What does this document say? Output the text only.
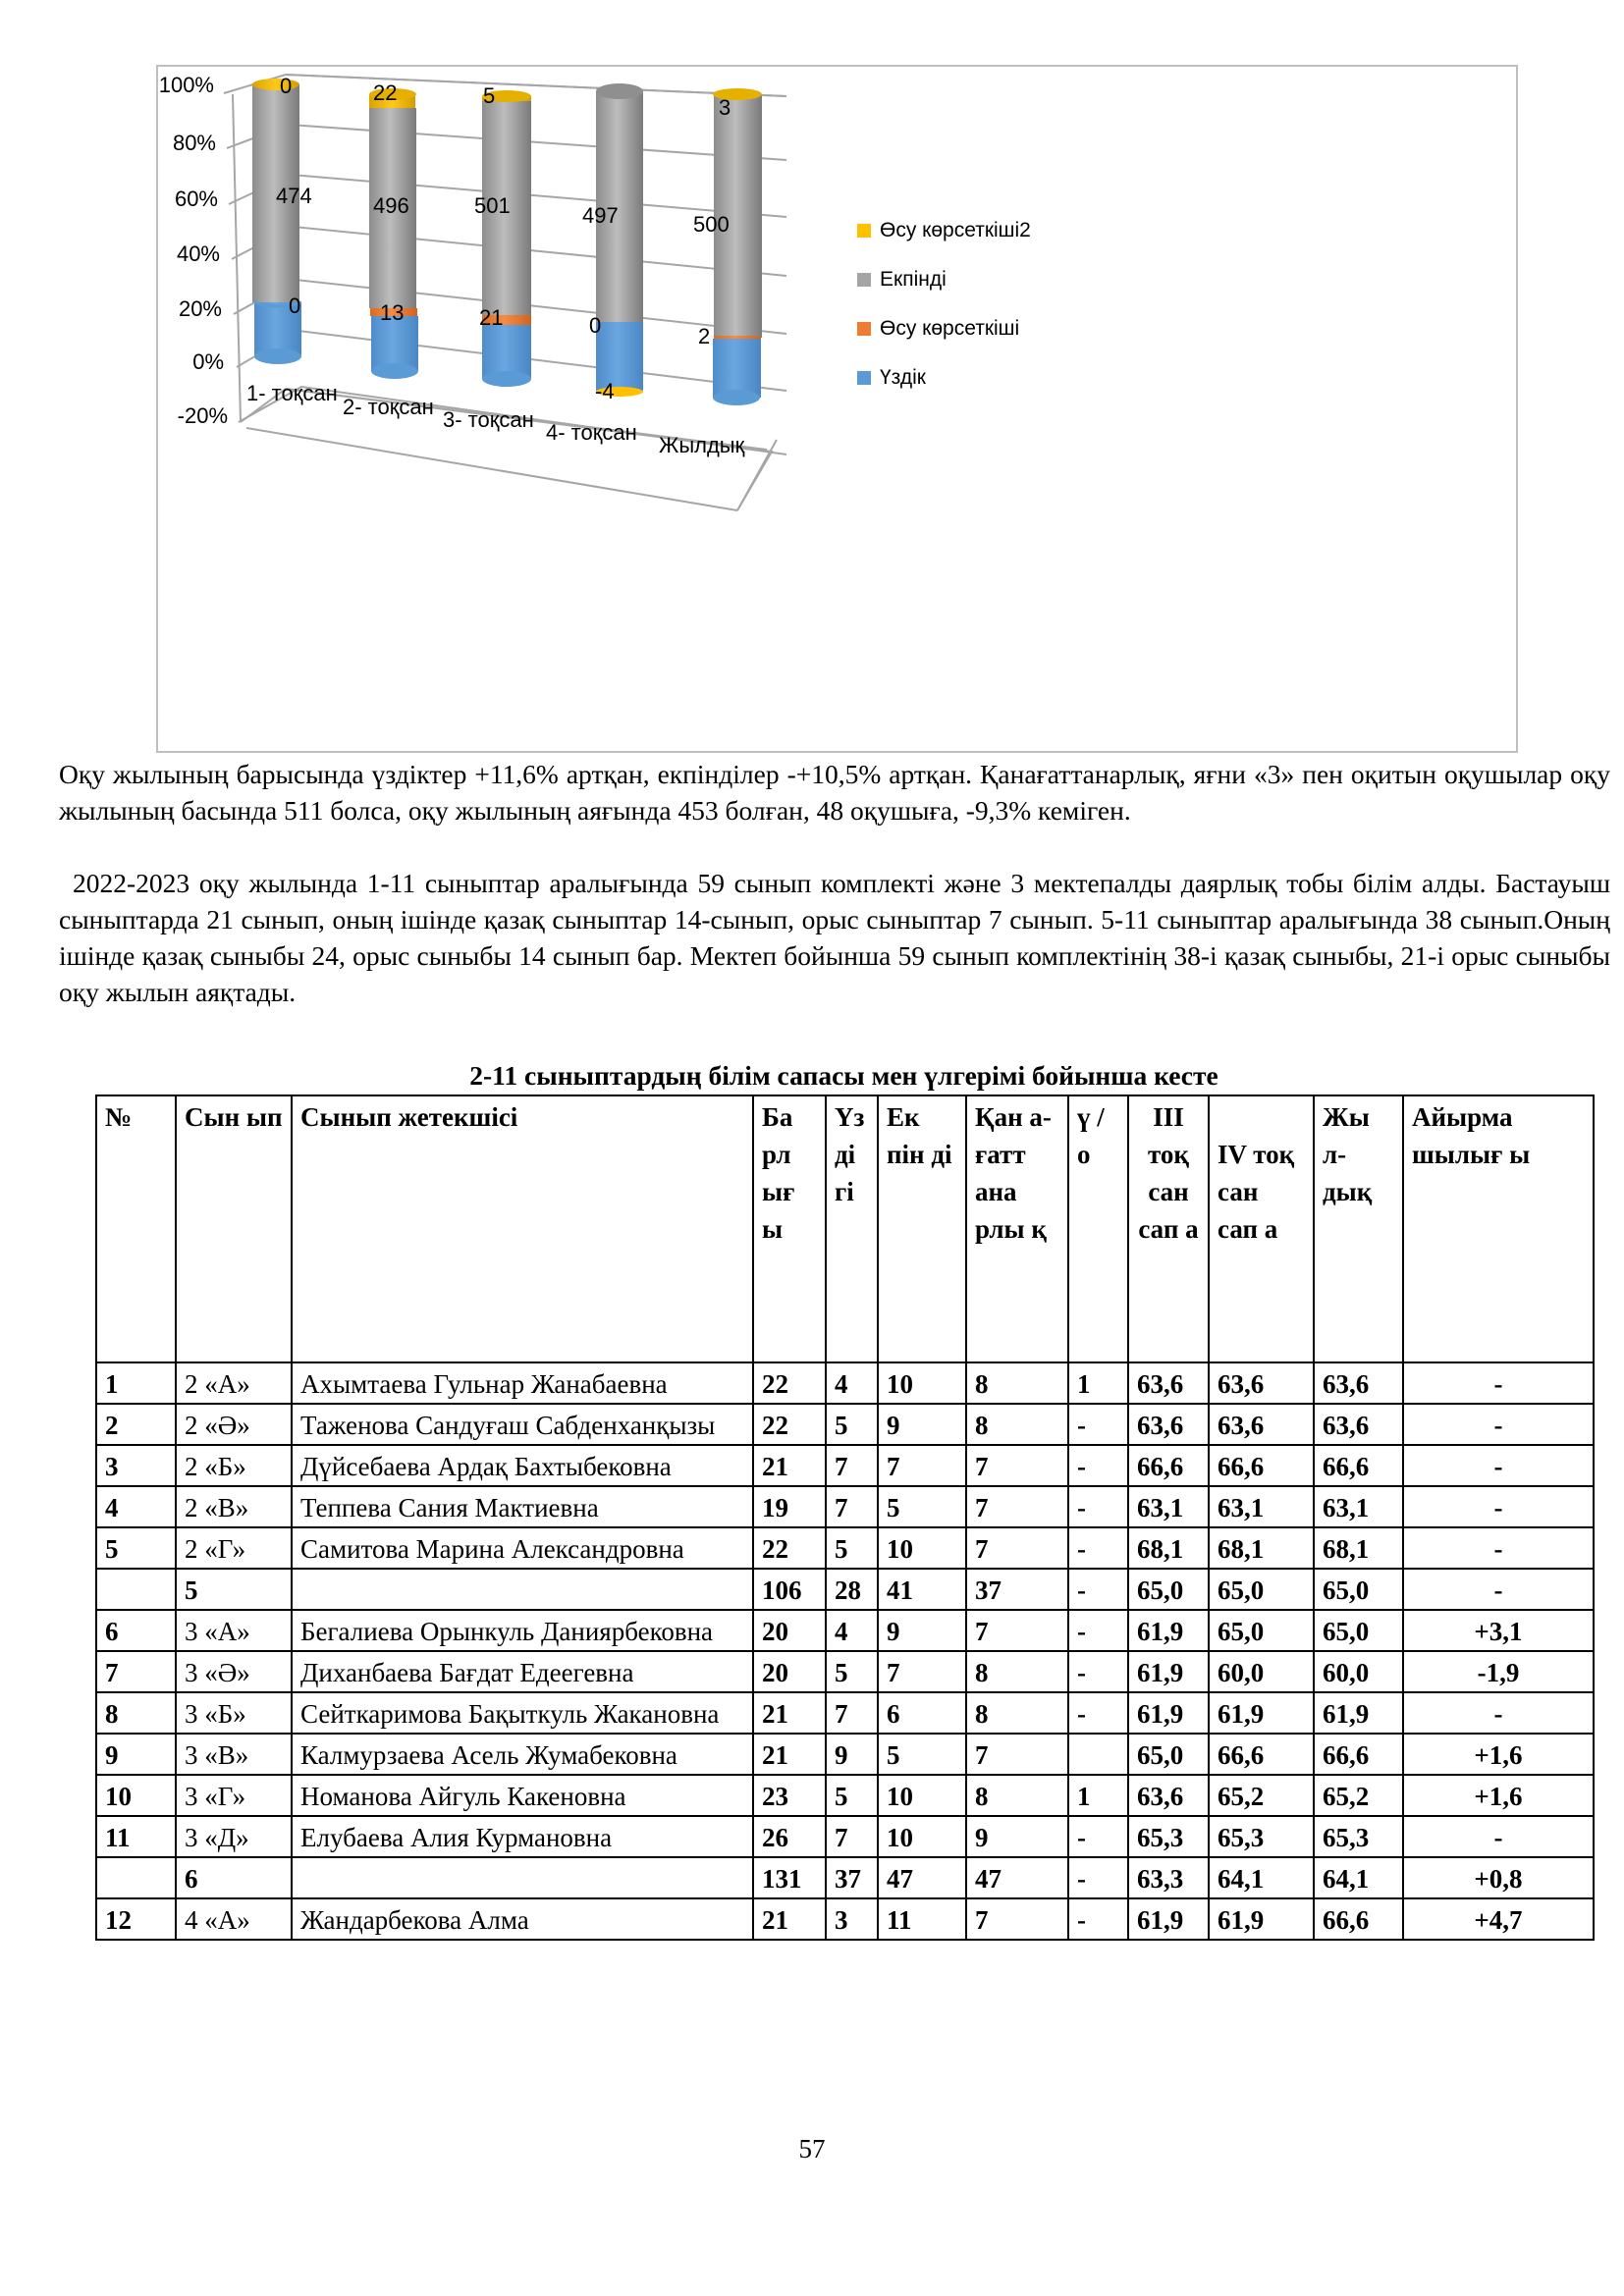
100%
80%
60%
40%
20%
0%
-20%
0	22	5
-4
3
474	496	501	497	500
0	13	21	0	2
1- тоқсан
2- тоқсан
3- тоқсан
4- тоқсан
Жылдық
Өсу көрсеткіші2
Екпінді
Өсу көрсеткіші
Үздік

Оқу жылының барысында үздіктер +11,6% артқан, екпінділер -+10,5% артқан. Қанағаттанарлық, яғни «3» пен оқитын оқушылар оқу жылының басында 511 болса, оқу жылының аяғында 453 болған, 48 оқушыға, -9,3% кеміген.

2022-2023 оқу жылында 1-11 сыныптар аралығында 59 сынып комплекті және 3 мектепалды даярлық тобы білім алды. Бастауыш сыныптарда 21 сынып, оның ішінде қазақ сыныптар 14-сынып, орыс сыныптар 7 сынып. 5-11 сыныптар аралығында 38 сынып.Оның ішінде қазақ сыныбы 24, орыс сыныбы 14 сынып бар. Мектеп бойынша 59 сынып комплектінің 38-і қазақ сыныбы, 21-і орыс сыныбы оқу жылын аяқтады.

2-11 сыныптардың білім сапасы мен үлгерімі бойынша кесте
№	Сын ып	Сынып жетекшісі	Ба рл ығ ы	Үз ді гі	Ек пін ді	Қан а-ғатт ана рлы қ	ү / о	ІІІ тоқ сан сап а	ІV тоқ сан сап а	Жы л-дық	Айырма шылығ ы
1	2 «А»	Ахымтаева Гульнар Жанабаевна	22	4	10	8	1	63,6	63,6	63,6	-
2	2 «Ә»	Таженова Сандуғаш Сабденханқызы	22	5	9	8	-	63,6	63,6	63,6	-
3	2 «Б»	Дүйсебаева Ардақ Бахтыбековна	21	7	7	7	-	66,6	66,6	66,6	-
4	2 «В»	Теппева Сания Мактиевна	19	7	5	7	-	63,1	63,1	63,1	-
5	2 «Г»	Самитова Марина Александровна	22	5	10	7	-	68,1	68,1	68,1	-
	5		106	28	41	37	-	65,0	65,0	65,0	-
6	3 «А»	Бегалиева Орынкуль Данияpбековна	20	4	9	7	-	61,9	65,0	65,0	+3,1
7	3 «Ә»	Диханбаева Бағдат Едеегевна	20	5	7	8	-	61,9	60,0	60,0	-1,9
8	3 «Б»	Сейткаримова Бақыткуль Жакановна	21	7	6	8	-	61,9	61,9	61,9	-
9	3 «В»	Калмурзаева Асель Жумабековна	21	9	5	7		65,0	66,6	66,6	+1,6
10	3 «Г»	Номанова Айгуль Какеновна	23	5	10	8	1	63,6	65,2	65,2	+1,6
11	3 «Д»	Елубаева Алия Курмановна	26	7	10	9	-	65,3	65,3	65,3	-
	6		131	37	47	47	-	63,3	64,1	64,1	+0,8
12	4 «А»	Жандарбекова Алма	21	3	11	7	-	61,9	61,9	66,6	+4,7
57
